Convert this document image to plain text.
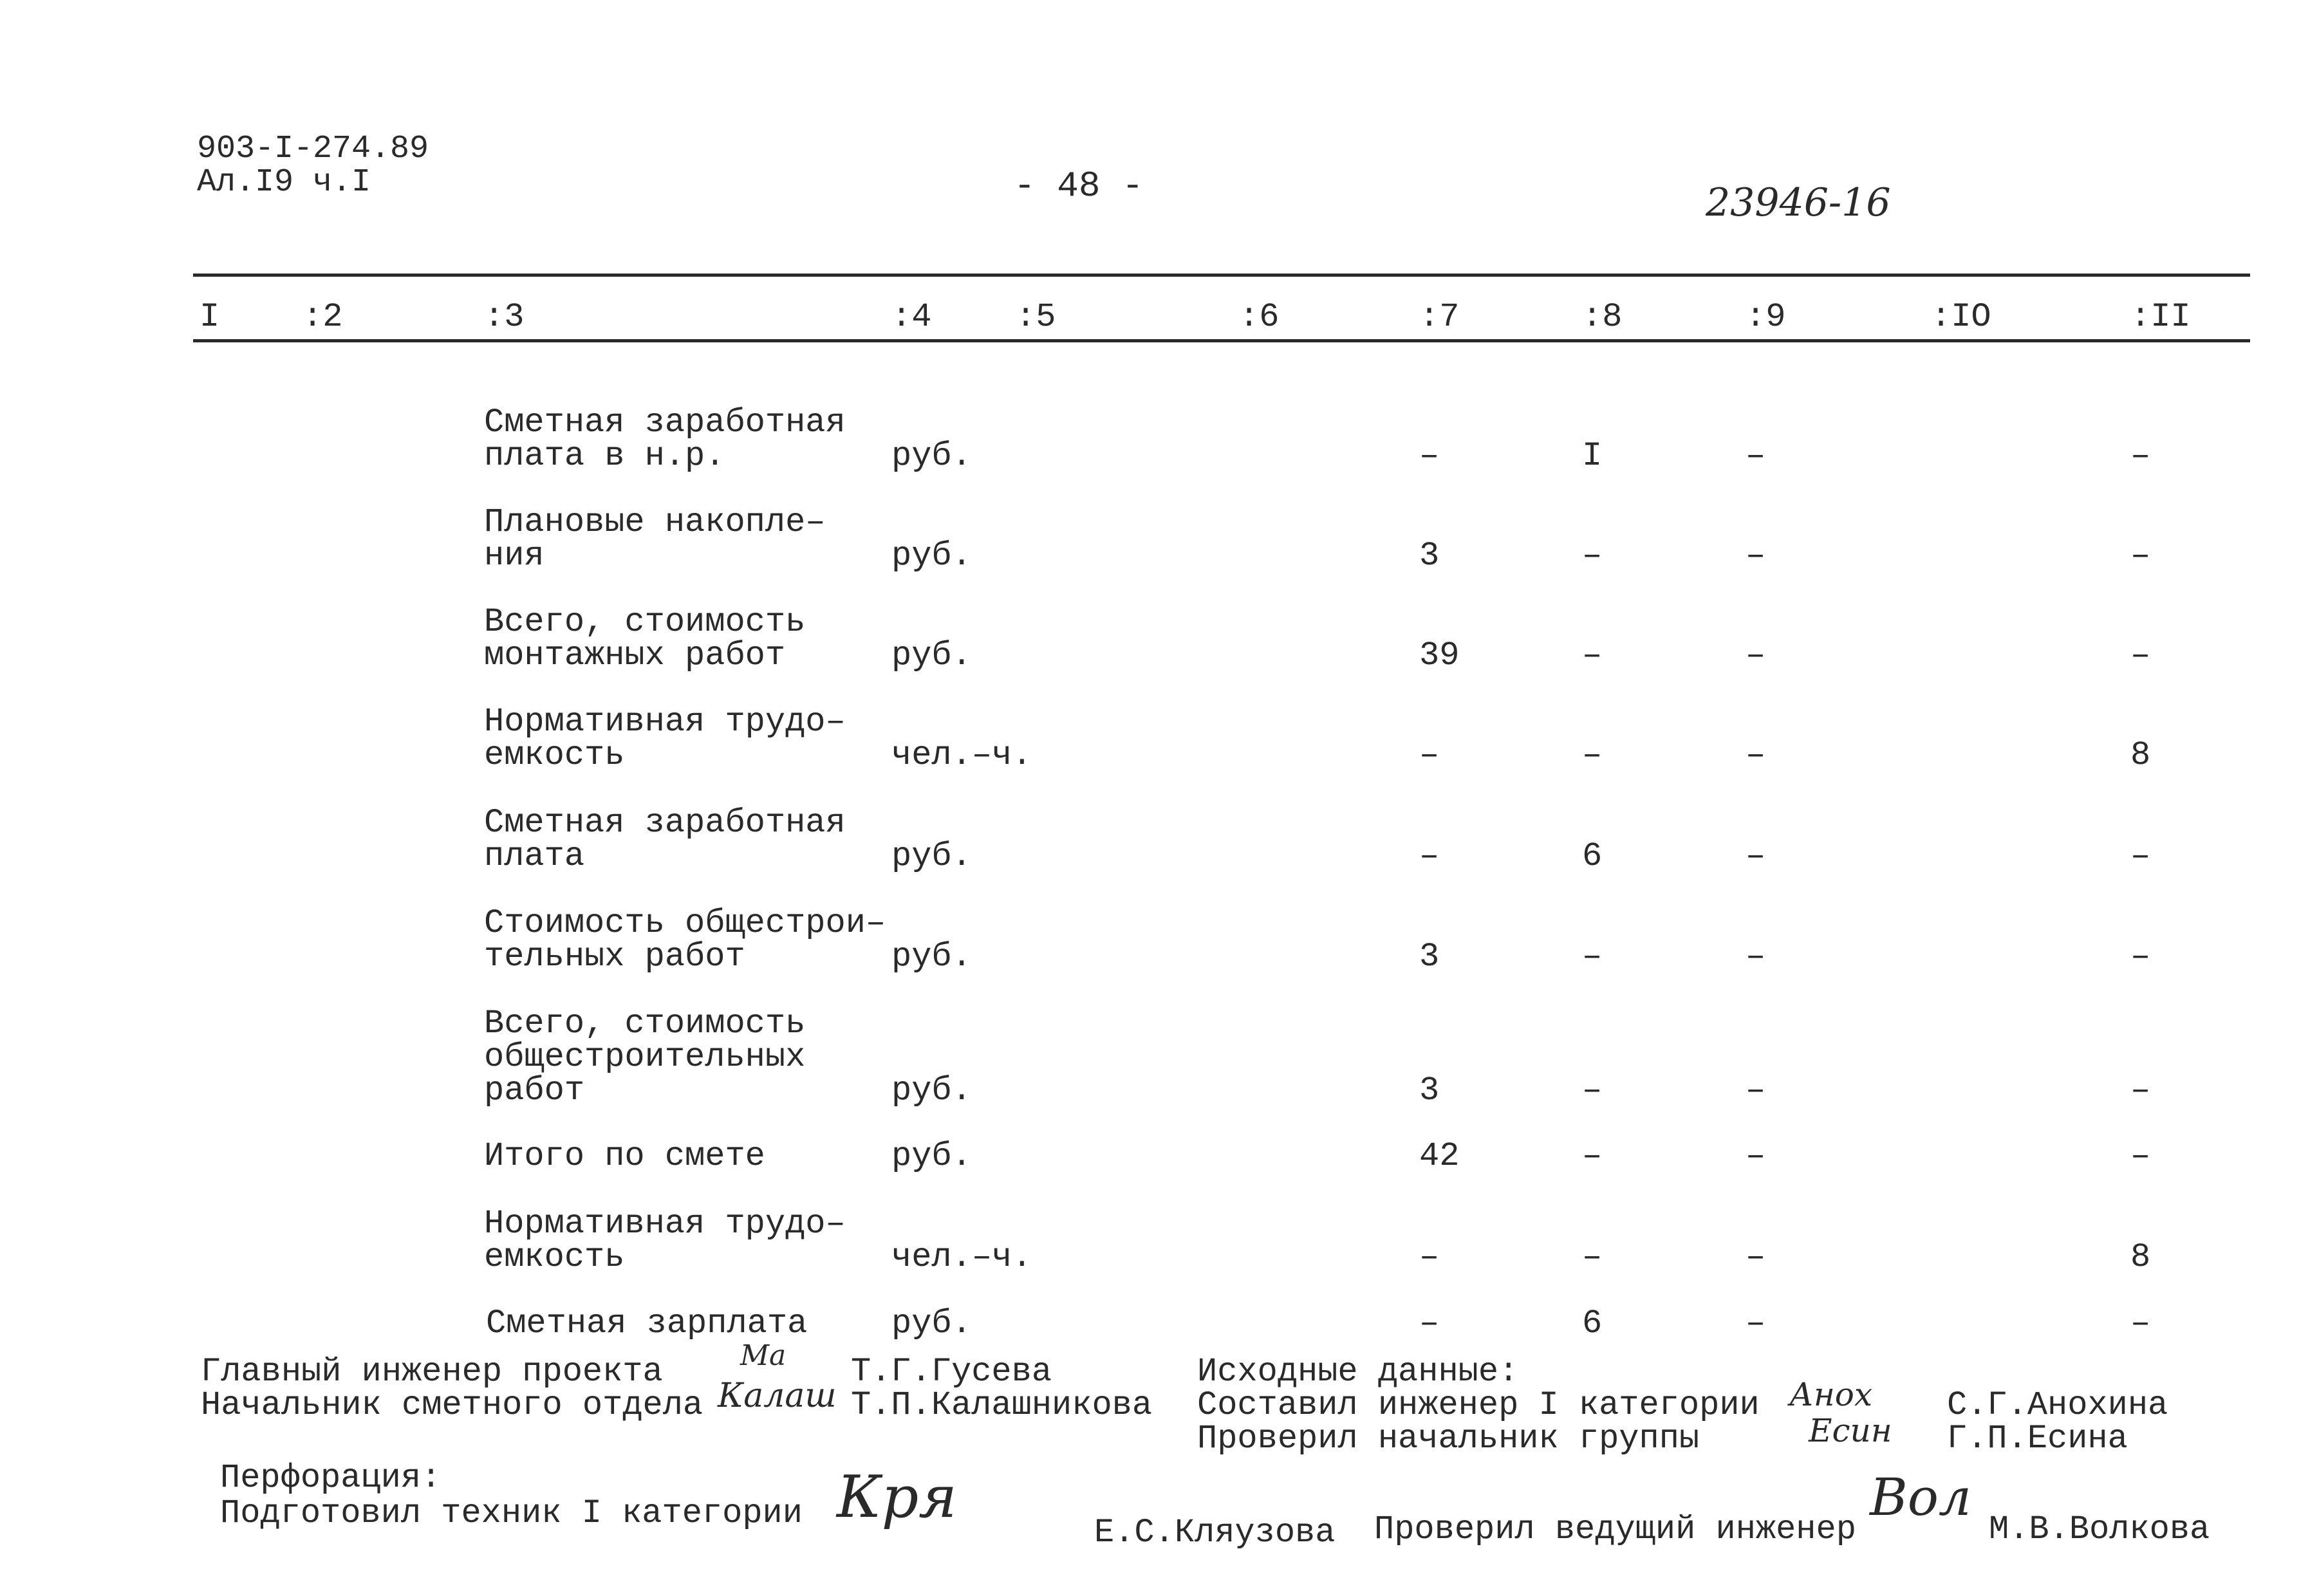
903-I-274.89
Ал.I9 ч.I	- 48 -	23946-16
I :2	:3	:4	:5	:6	:7	:8	:9	:IO	:II
Сметная заработная
плата в н.р.	руб.	–	I	–	–
Плановые накопле–
ния	руб.	3	–	–	–
Всего, стоимость
монтажных работ	руб.	39	–	–	–
Нормативная трудо–
емкость	чел.–ч.	–	–	–	8
Сметная заработная
плата	руб.	–	6	–	–
Стоимость общестрои–
тельных работ	руб.	3	–	–	–
Всего, стоимость
общестроительных
работ	руб.	3	–	–	–
Итого по смете	руб.	42	–	–	–
Нормативная трудо–
емкость	чел.–ч.	–	–	–	8
Сметная зарплата	руб.	–	6	–	–
Главный инженер проекта	Ма Т.Г.Гусева
Начальник сметного отдела Калаш Т.П.Калашникова
Исходные данные:
Составил инженер I категории Анох С.Г.Анохина
Проверил начальник группы	Есин Г.П.Есина
Перфорация:
Подготовил техник I категории Кря
Е.С.Кляузова Проверил ведущий инженер
Вол
М.В.Волкова
